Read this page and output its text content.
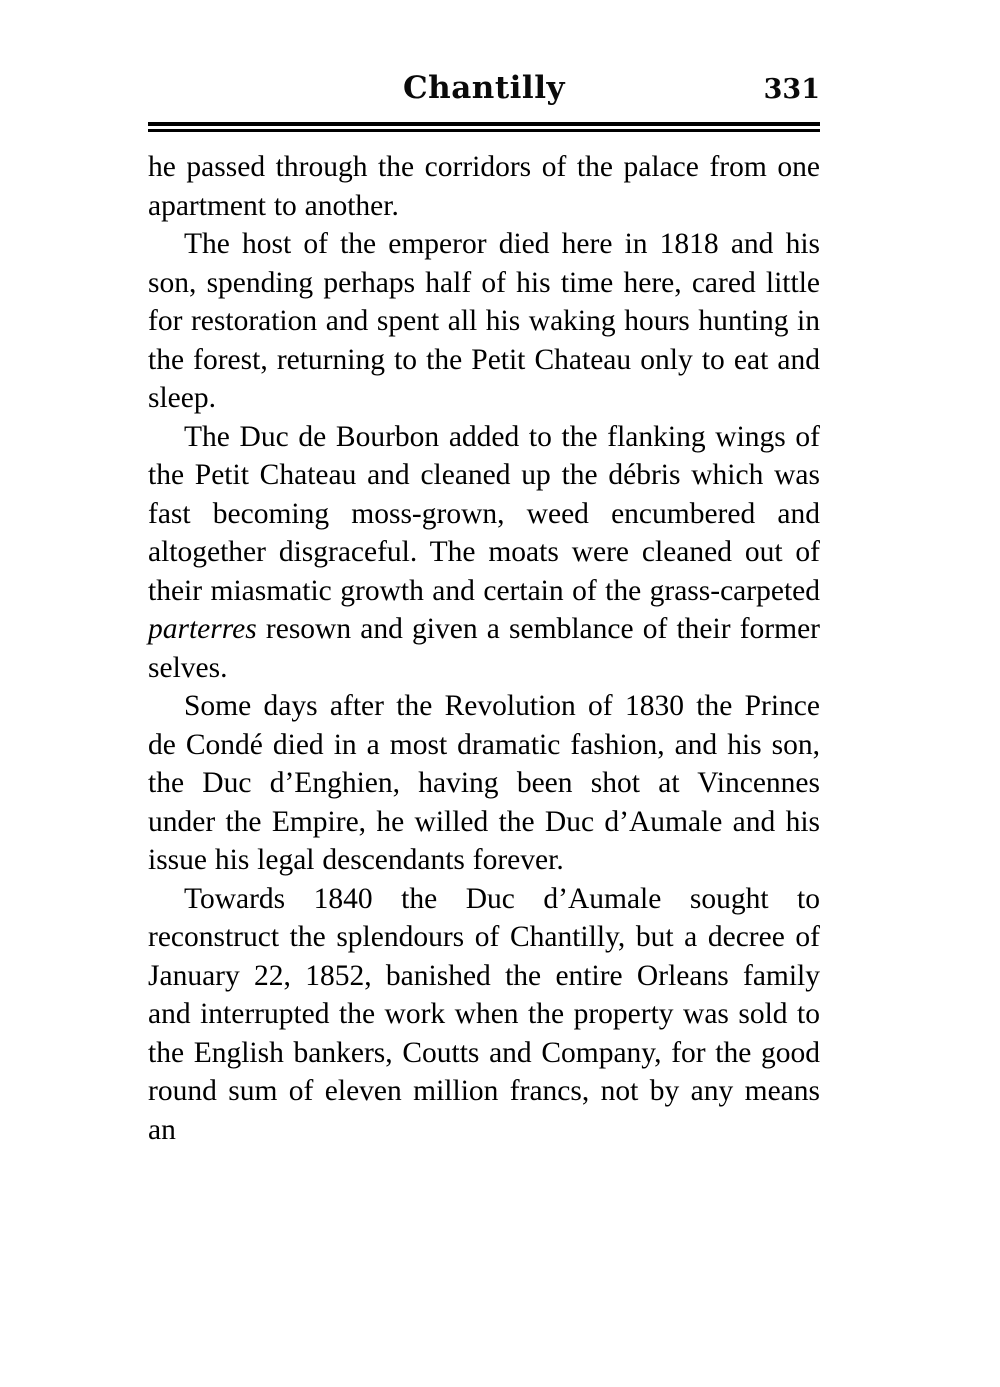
Chantilly	331

he passed through the corridors of the palace from one apartment to another.

The host of the emperor died here in 1818 and his son, spending perhaps half of his time here, cared little for restoration and spent all his waking hours hunting in the forest, returning to the Petit Chateau only to eat and sleep.

The Duc de Bourbon added to the flanking wings of the Petit Chateau and cleaned up the débris which was fast becoming moss-grown, weed encumbered and altogether disgraceful. The moats were cleaned out of their miasmatic growth and certain of the grass-carpeted parterres resown and given a semblance of their former selves.

Some days after the Revolution of 1830 the Prince de Condé died in a most dramatic fashion, and his son, the Duc d’Enghien, having been shot at Vincennes under the Empire, he willed the Duc d’Aumale and his issue his legal descendants forever.

Towards 1840 the Duc d’Aumale sought to reconstruct the splendours of Chantilly, but a decree of January 22, 1852, banished the entire Orleans family and interrupted the work when the property was sold to the English bankers, Coutts and Company, for the good round sum of eleven million francs, not by any means an
